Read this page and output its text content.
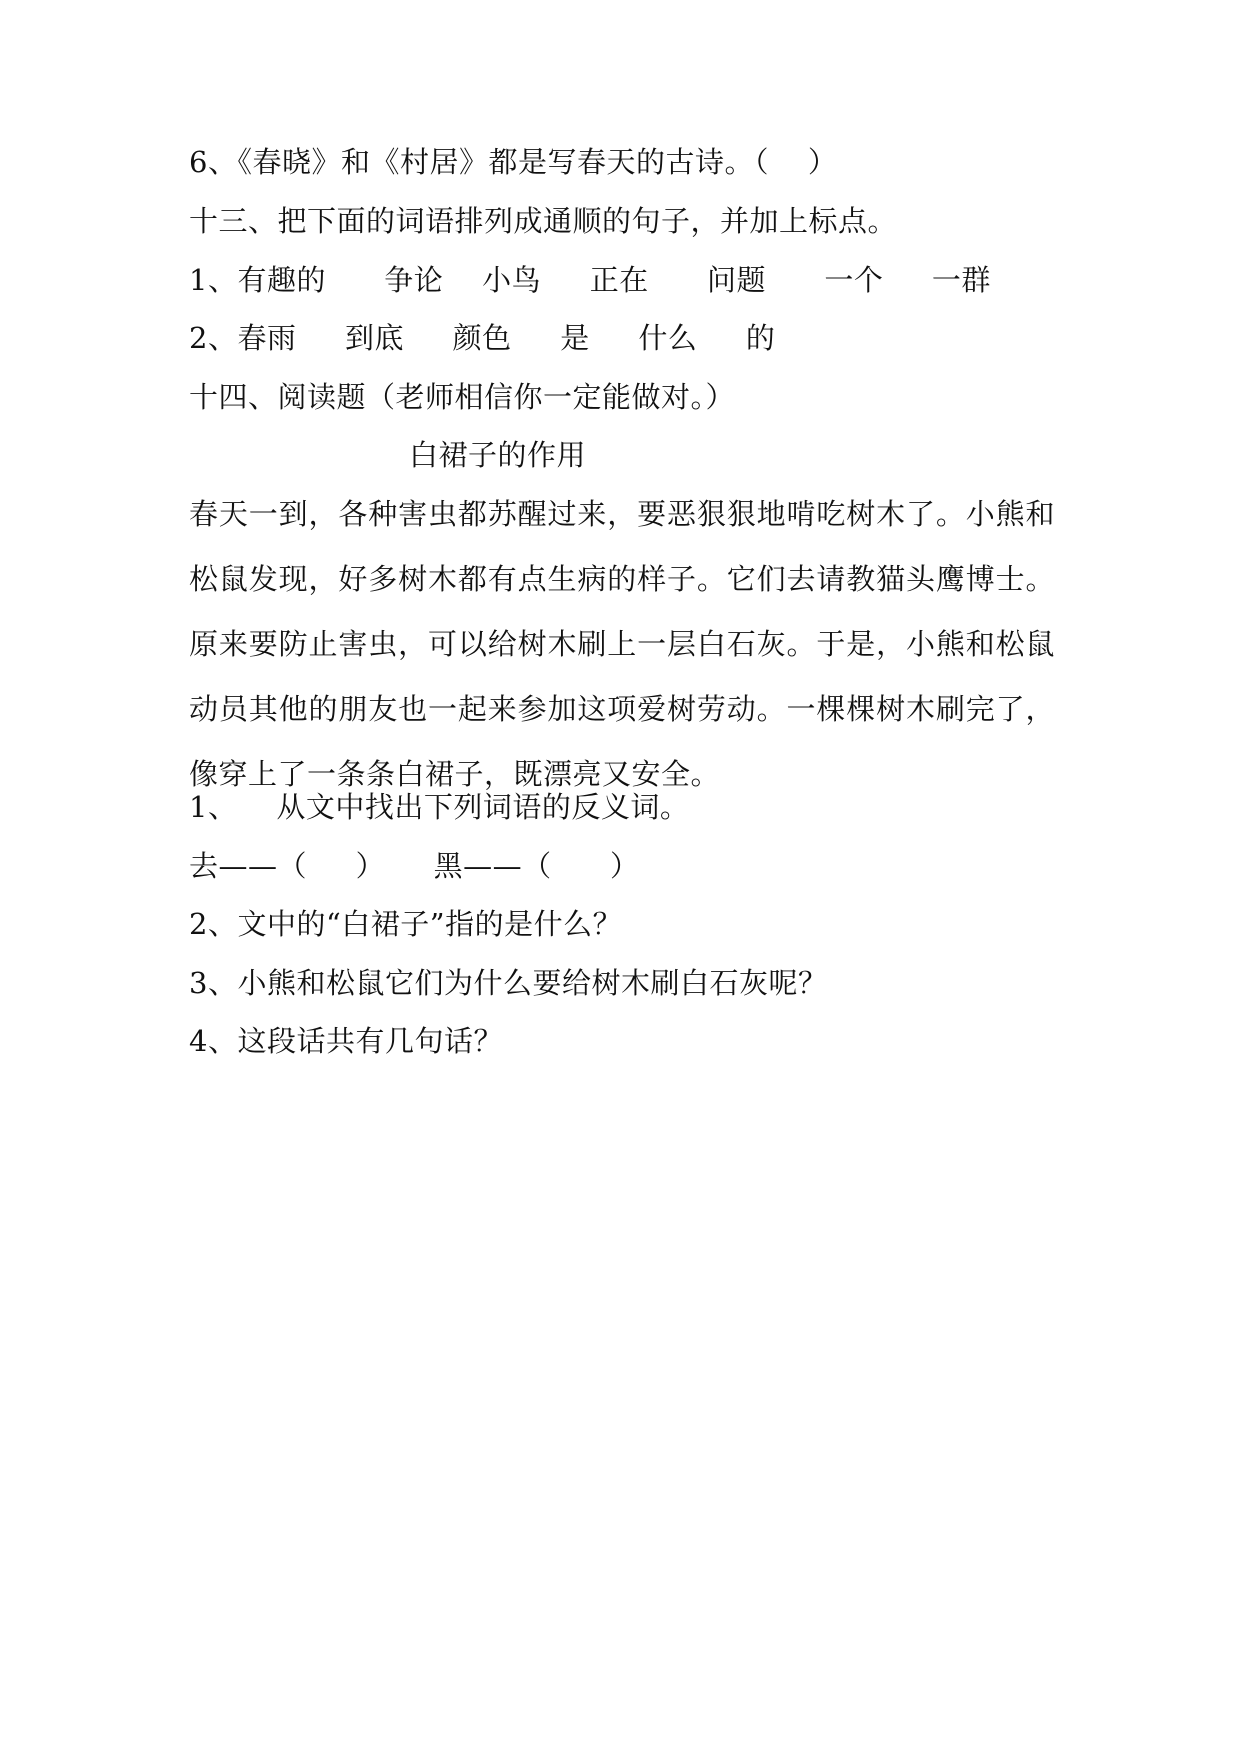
6、《春晓》和《村居》都是写春天的古诗。（    ）
十三、把下面的词语排列成通顺的句子，并加上标点。
1、有趣的      争论    小鸟     正在      问题      一个     一群
2、春雨     到底     颜色     是     什么     的
十四、阅读题（老师相信你一定能做对。）
白裙子的作用
春天一到，各种害虫都苏醒过来，要恶狠狠地啃吃树木了。小熊和松鼠发现，好多树木都有点生病的样子。它们去请教猫头鹰博士。原来要防止害虫，可以给树木刷上一层白石灰。于是，小熊和松鼠动员其他的朋友也一起来参加这项爱树劳动。一棵棵树木刷完了，像穿上了一条条白裙子，既漂亮又安全。
1、    从文中找出下列词语的反义词。
去——（     ）     黑——（      ）
2、文中的“白裙子”指的是什么？
3、小熊和松鼠它们为什么要给树木刷白石灰呢？
4、这段话共有几句话？
